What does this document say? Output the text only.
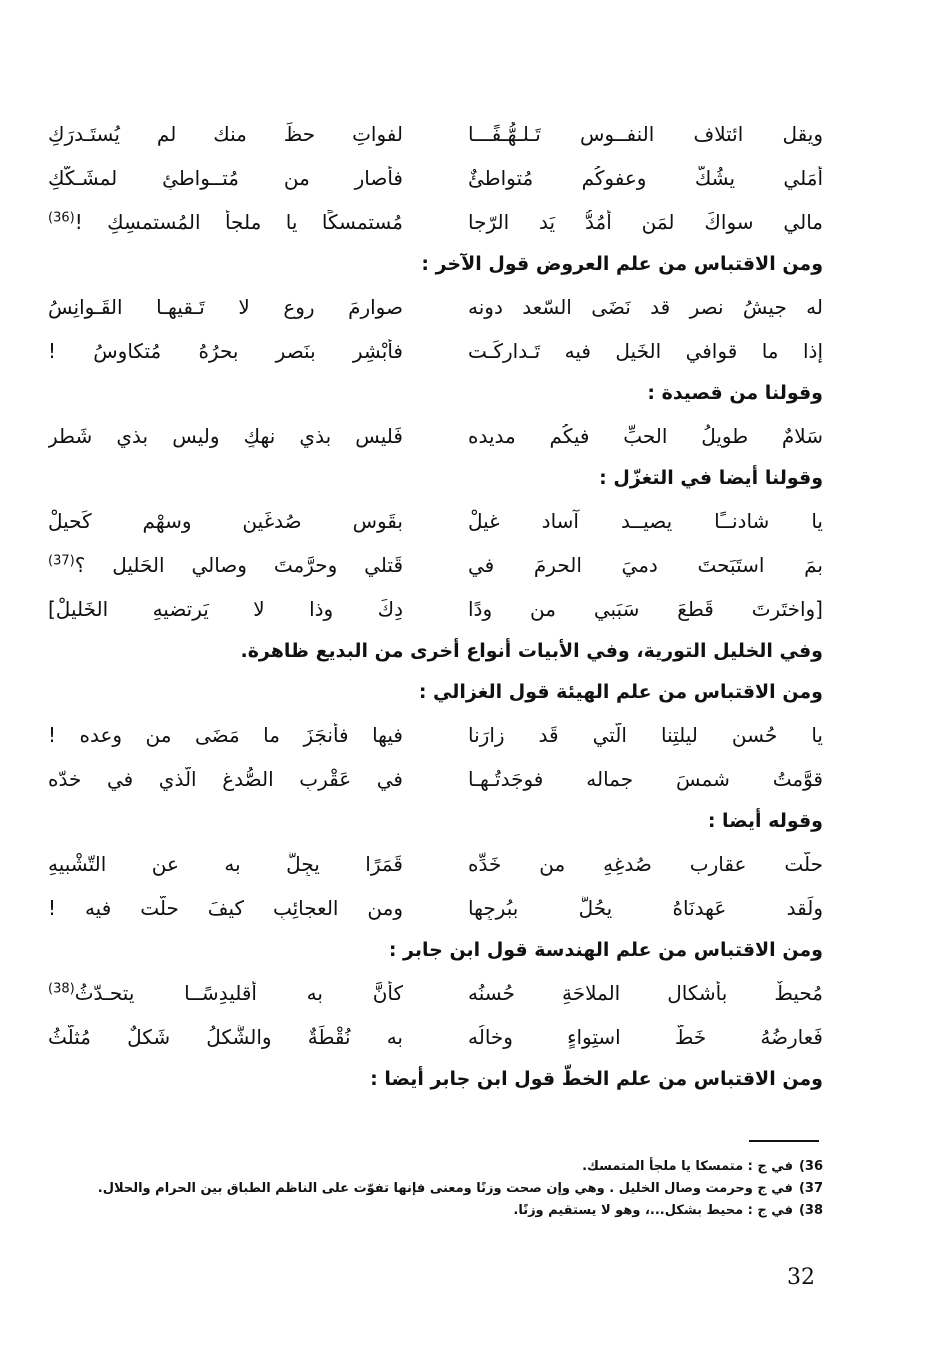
ويقل ائتلاف النفــوس تَـلـهُّـفًـــا
لفواتِ حظٍّ منك لم يُستَـدرَكِ
أمَلي يشُكُّ وعفوكُم مُتواطئٌ
فأصار من مُتــواطئٍ لمشَـكّكِ
مالي سواكَ لمَن أمُدُّ يَد الرّجا
مُستمسكًا يا ملجأ المُستمسِكِ !$^{(36)}$
ومن الاقتباس من علم العروض قول الآخر :
له جيشُ نصرٍ قد نَضَى السّعد دونه
صوارمَ روعٍ لا تَـقيهـا القَـوانِسُ
إذا ما قوافي الخَيلِ فيه تَـداركَـت
فأبْشِر بنَصرٍ بحرُهُ مُتكاوسُ !
وقولنا من قصيدة :
سَلامٌ طويلُ الحبِّ فيكُم مديده
فَليس بذي نهكٍ وليس بذي شَطر
وقولنا أيضا في التغزّل :
يا شادنــًا يصيــد آساد غيلْ
بقَوسِ صُدغَينِ وسهْمِ كَحيلْ
بمَ استَبَحتَ دميَ الحرمَ في
قَتلي وحرَّمتَ وصالي الحَليل ؟$^{(37)}$
[واختَرتَ قَطعَ سَبَبي من ودًا
دِكَ وذا لا يَرتضيهِ الخَليلْ]
وفي الخليل التورية، وفي الأبيات أنواع أخرى من البديع ظاهرة.
ومن الاقتباس من علم الهيئة قول الغزالي :
يا حُسن ليلتِنا الّتي قَد زارَنا
فيها فأنجَزَ ما مَضَى من وعده !
قوَّمتُ شمسَ جماله فوجَدتُـهـا
في عَقْرِبِ الصُّدغِ الّذي في خدّه
وقوله أيضا :
حلَّت عقارب صُدغِهِ من خَدِّه
قَمَرًا يجِلُّ به عن التّشْبيهِ
ولَقد عَهدنَاهُ يحُلُّ ببُرجِها
ومن العجائِبِ كيفَ حلَّت فيه !
ومن الاقتباس من علم الهندسة قول ابن جابر :
مُحيطٌ بأشكال الملاحَةِ حُسنُه
كأنَّ به أُقليدِسًــا يتحـدّثُ$^{(38)}$
فَعارِضُهُ خَطٌّ استِواءٍ وخالُه
به نُقْطَةٌ والشَّكلُ شَكلٌ مُثلّثُ
ومن الاقتباس من علم الخطّ قول ابن جابر أيضا :
36)في ج : متمسكا يا ملجأ المتمسك.
37)في ج وحرمت وصال الخليل . وهي وإن صحت وزنًا ومعنى فإنها تفوّت على الناظم الطباق بين الحرام والحلال.
38)في ج : محيط بشكل...، وهو لا يستقيم وزنًا.
32
